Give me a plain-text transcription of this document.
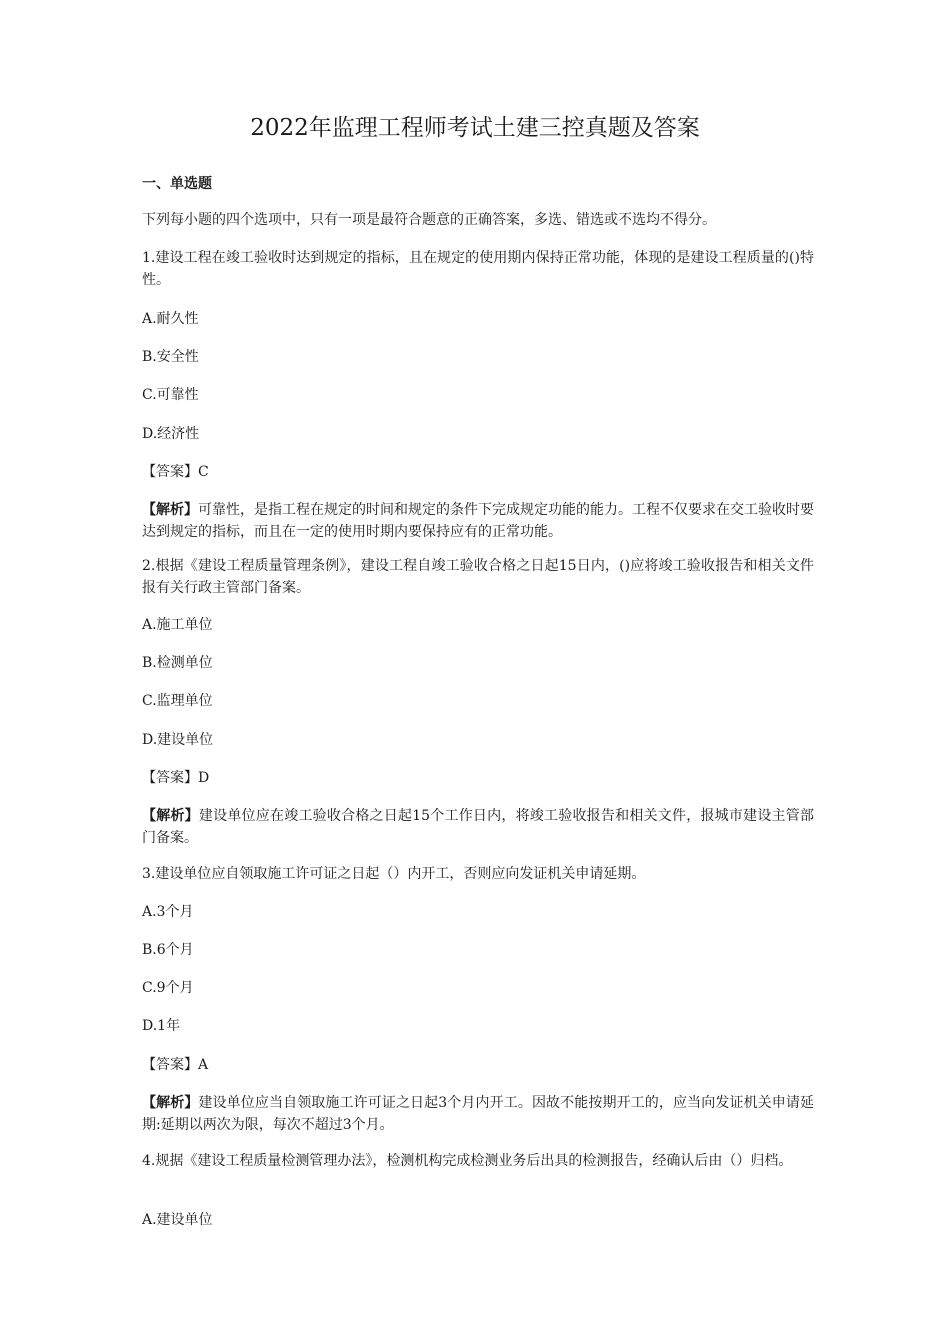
2022年监理工程师考试土建三控真题及答案
一、单选题
下列每小题的四个选项中，只有一项是最符合题意的正确答案，多选、错选或不选均不得分。
1.建设工程在竣工验收时达到规定的指标，且在规定的使用期内保持正常功能，体现的是建设工程质量的()特性。
A.耐久性
B.安全性
C.可靠性
D.经济性
【答案】C
【解析】可靠性，是指工程在规定的时间和规定的条件下完成规定功能的能力。工程不仅要求在交工验收时要达到规定的指标，而且在一定的使用时期内要保持应有的正常功能。
2.根据《建设工程质量管理条例》，建设工程自竣工验收合格之日起15日内，()应将竣工验收报告和相关文件报有关行政主管部门备案。
A.施工单位
B.检测单位
C.监理单位
D.建设单位
【答案】D
【解析】建设单位应在竣工验收合格之日起15个工作日内，将竣工验收报告和相关文件，报城市建设主管部门备案。
3.建设单位应自领取施工许可证之日起（）内开工，否则应向发证机关申请延期。
A.3个月
B.6个月
C.9个月
D.1年
【答案】A
【解析】建设单位应当自领取施工许可证之日起3个月内开工。因故不能按期开工的，应当向发证机关申请延期:延期以两次为限，每次不超过3个月。
4.规据《建设工程质量检测管理办法》，检测机构完成检测业务后出具的检测报告，经确认后由（）归档。
A.建设单位
